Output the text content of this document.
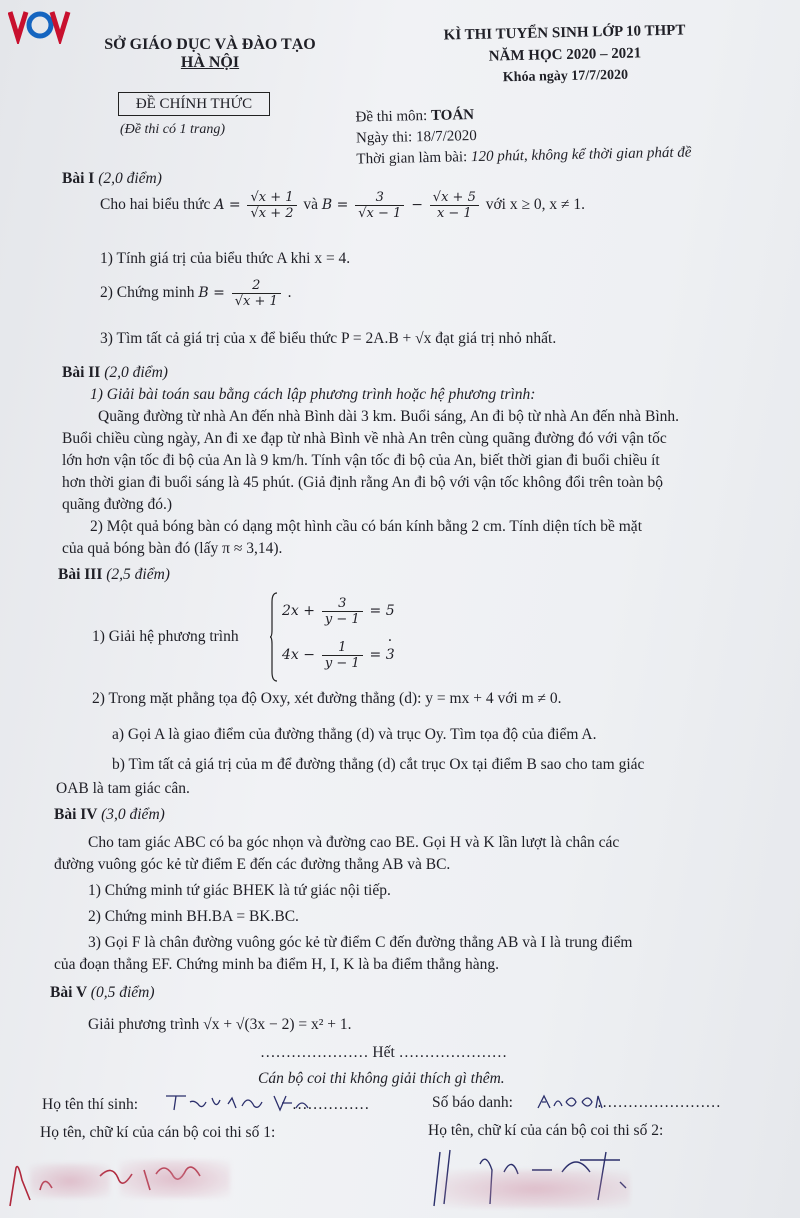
SỞ GIÁO DỤC VÀ ĐÀO TẠO
HÀ NỘI
ĐỀ CHÍNH THỨC
(Đề thi có 1 trang)
KÌ THI TUYỂN SINH LỚP 10 THPT
NĂM HỌC 2020 – 2021
Khóa ngày 17/7/2020
Đề thi môn: TOÁN
Ngày thi: 18/7/2020
Thời gian làm bài: 120 phút, không kể thời gian phát đề
Bài I (2,0 điểm)
Cho hai biểu thức $A = \frac{√x + 1}{√x + 2}$ và $B = \frac{3}{√x - 1} - \frac{√x + 5}{x - 1}$ với x ≥ 0, x ≠ 1.
1) Tính giá trị của biểu thức A khi x = 4.
2) Chứng minh $B = \frac{2}{√x + 1}$ .
3) Tìm tất cả giá trị của x để biểu thức P = 2A.B + √x đạt giá trị nhỏ nhất.
Bài II (2,0 điểm)
1) Giải bài toán sau bằng cách lập phương trình hoặc hệ phương trình:
Quãng đường từ nhà An đến nhà Bình dài 3 km. Buổi sáng, An đi bộ từ nhà An đến nhà Bình.
Buổi chiều cùng ngày, An đi xe đạp từ nhà Bình về nhà An trên cùng quãng đường đó với vận tốc
lớn hơn vận tốc đi bộ của An là 9 km/h. Tính vận tốc đi bộ của An, biết thời gian đi buổi chiều ít
hơn thời gian đi buổi sáng là 45 phút. (Giả định rằng An đi bộ với vận tốc không đổi trên toàn bộ
quãng đường đó.)
2) Một quả bóng bàn có dạng một hình cầu có bán kính bằng 2 cm. Tính diện tích bề mặt
của quả bóng bàn đó (lấy π ≈ 3,14).
Bài III (2,5 điểm)
1) Giải hệ phương trình
$2x + \frac{3}{y - 1} = 5$
$4x - \frac{1}{y - 1} = 3$
.
2) Trong mặt phẳng tọa độ Oxy, xét đường thẳng (d): y = mx + 4 với m ≠ 0.
a) Gọi A là giao điểm của đường thẳng (d) và trục Oy. Tìm tọa độ của điểm A.
b) Tìm tất cả giá trị của m để đường thẳng (d) cắt trục Ox tại điểm B sao cho tam giác
OAB là tam giác cân.
Bài IV (3,0 điểm)
Cho tam giác ABC có ba góc nhọn và đường cao BE. Gọi H và K lần lượt là chân các
đường vuông góc kẻ từ điểm E đến các đường thẳng AB và BC.
1) Chứng minh tứ giác BHEK là tứ giác nội tiếp.
2) Chứng minh BH.BA = BK.BC.
3) Gọi F là chân đường vuông góc kẻ từ điểm C đến đường thẳng AB và I là trung điểm
của đoạn thẳng EF. Chứng minh ba điểm H, I, K là ba điểm thẳng hàng.
Bài V (0,5 điểm)
Giải phương trình √x + √(3x − 2) = x² + 1.
………………… Hết …………………
Cán bộ coi thi không giải thích gì thêm.
Họ tên thí sinh:	……………	Số báo danh:	……………………
Họ tên, chữ kí của cán bộ coi thi số 1:	Họ tên, chữ kí của cán bộ coi thi số 2:
